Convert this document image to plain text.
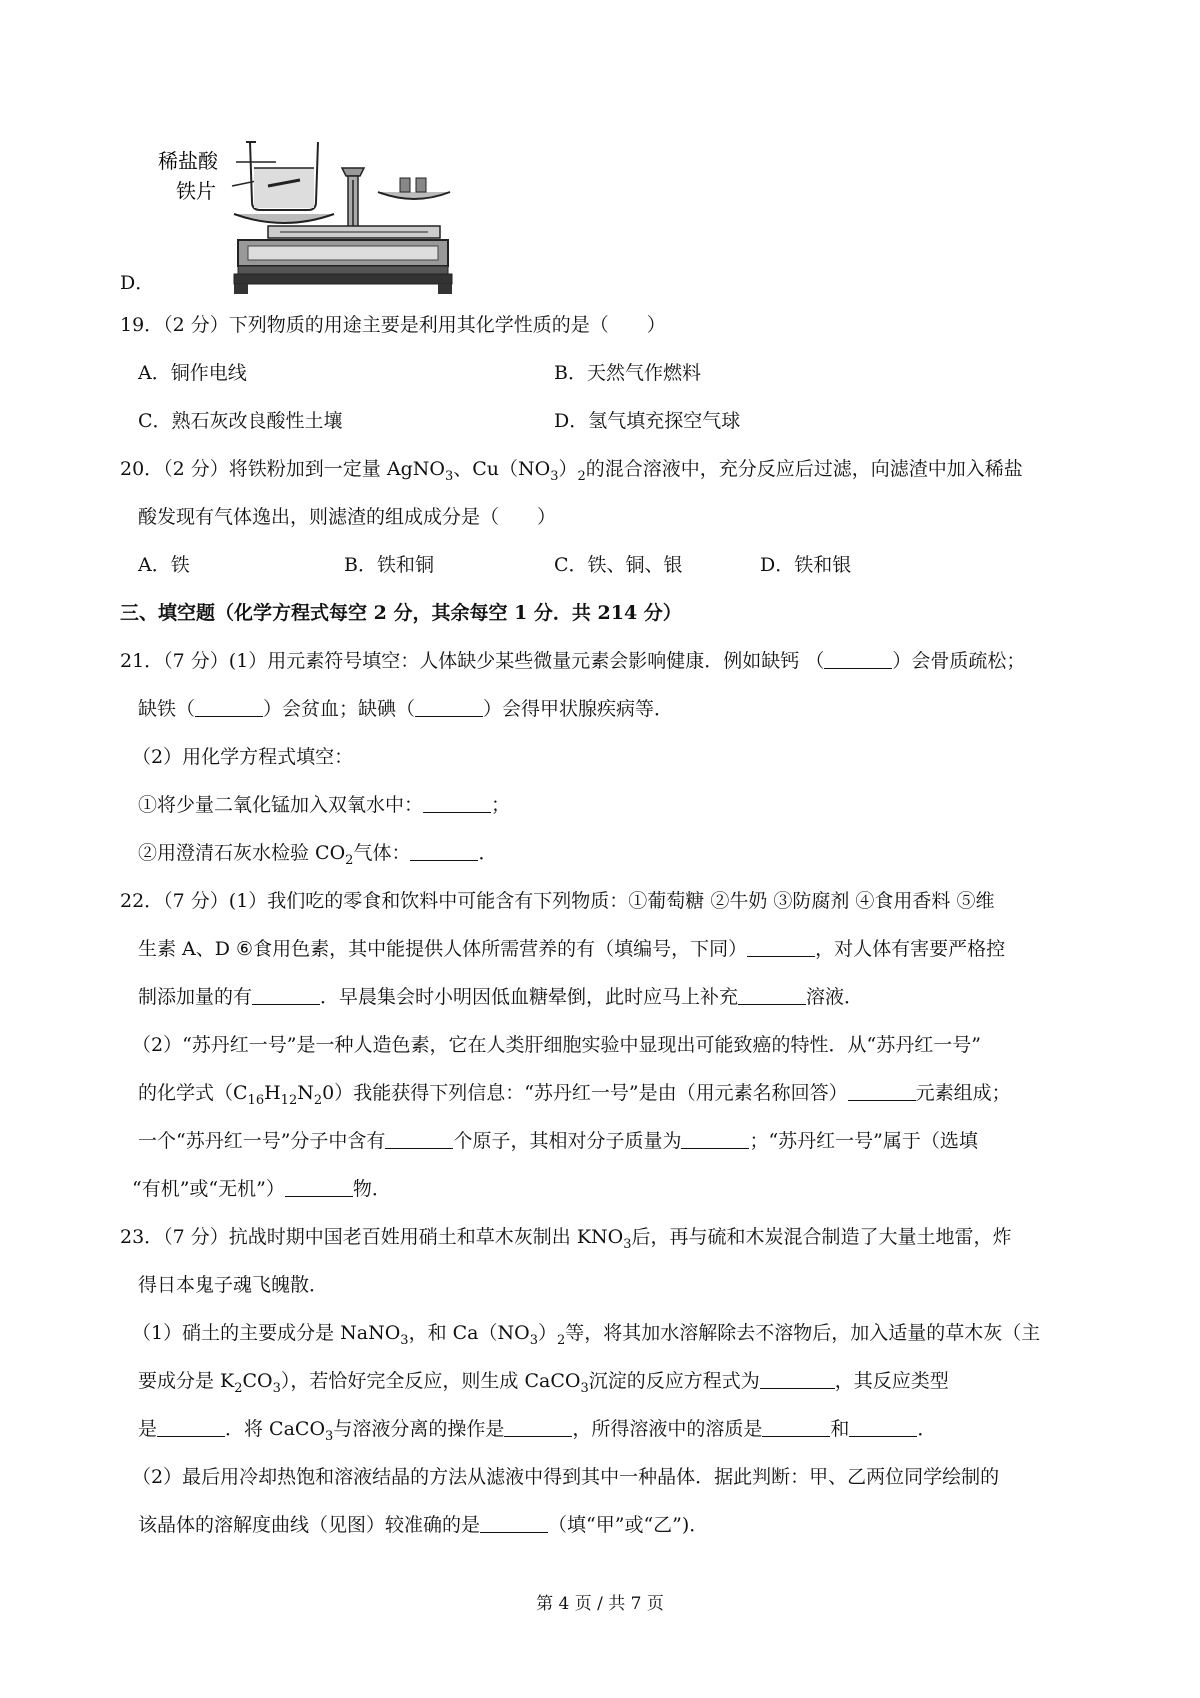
稀盐酸
铁片
D．
19．（2 分）下列物质的用途主要是利用其化学性质的是（　　）
A．铜作电线	B．天然气作燃料
C．熟石灰改良酸性土壤	D．氢气填充探空气球
20．（2 分）将铁粉加到一定量 AgNO$_3$、$Cu(NO_3)_2$的混合溶液中，充分反应后过滤，向滤渣中加入稀盐
酸发现有气体逸出，则滤渣的组成成分是（　　）
A．铁	B．铁和铜	C．铁、铜、银	D．铁和银
三、填空题（化学方程式每空 2 分，其余每空 1 分．共 214 分）
21．（7 分）(1）用元素符号填空：人体缺少某些微量元素会影响健康．例如缺钙 （	）会骨质疏松；
缺铁（	）会贫血；缺碘（	）会得甲状腺疾病等．
（2）用化学方程式填空：
①将少量二氧化锰加入双氧水中：	；
②用澄清石灰水检验 $CO_2$气体：	．
22．（7 分）(1）我们吃的零食和饮料中可能含有下列物质：①葡萄糖 ②牛奶 ③防腐剂 ④食用香料 ⑤维
生素 A、D ⑥食用色素，其中能提供人体所需营养的有（填编号，下同）	，对人体有害要严格控
制添加量的有	．早晨集会时小明因低血糖晕倒，此时应马上补充	溶液．
（2）“苏丹红一号”是一种人造色素，它在人类肝细胞实验中显现出可能致癌的特性．从“苏丹红一号”
的化学式$(C_{16}H_{12}N_20)$我能获得下列信息：“苏丹红一号”是由（用元素名称回答）	元素组成；
一个“苏丹红一号”分子中含有	个原子，其相对分子质量为	；“苏丹红一号”属于（选填
“有机”或“无机”）	物．
23．（7 分）抗战时期中国老百姓用硝土和草木灰制出 $KNO_3$后，再与硫和木炭混合制造了大量土地雷，炸
得日本鬼子魂飞魄散．
（1）硝土的主要成分是 NaNO$_3$，和 $Ca(NO_3)_2$等，将其加水溶解除去不溶物后，加入适量的草木灰（主
要成分是 $K_2CO_3$），若恰好完全反应，则生成 CaCO$_3$沉淀的反应方程式为	，其反应类型
是	．将 CaCO$_3$与溶液分离的操作是	，所得溶液中的溶质是	和	．
（2）最后用冷却热饱和溶液结晶的方法从滤液中得到其中一种晶体．据此判断：甲、乙两位同学绘制的
该晶体的溶解度曲线（见图）较准确的是	（填“甲”或“乙”)．
第 4 页 / 共 7 页
